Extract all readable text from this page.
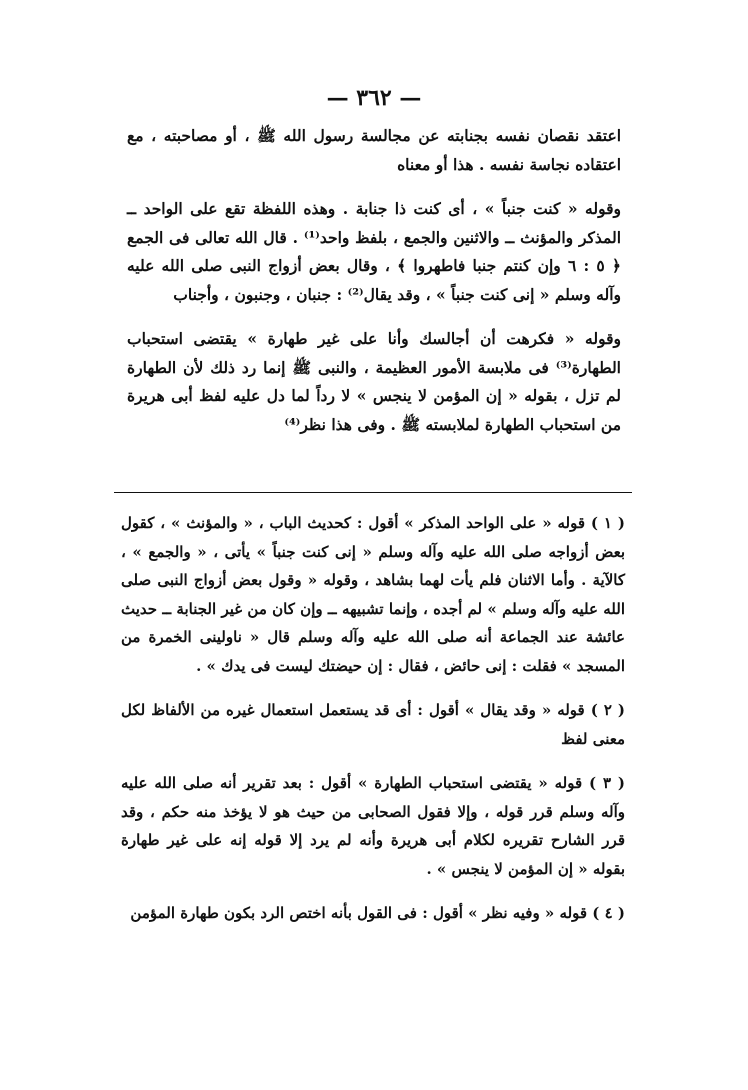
— ٣٦٢ —

اعتقد نقصان نفسه بجنابته عن مجالسة رسول الله ﷺ ، أو مصاحبته ، مع اعتقاده نجاسة نفسه . هذا أو معناه

وقوله « كنت جنباً » ، أى كنت ذا جنابة . وهذه اللفظة تقع على الواحد ــ المذكر والمؤنث ــ والاثنين والجمع ، بلفظ واحد⁽¹⁾ . قال الله تعالى فى الجمع ﴿ ٥ : ٦ وإن كنتم جنبا فاطهروا ﴾ ، وقال بعض أزواج النبى صلى الله عليه وآله وسلم « إنى كنت جنباً » ، وقد يقال⁽²⁾ : جنبان ، وجنبون ، وأجناب

وقوله « فكرهت أن أجالسك وأنا على غير طهارة » يقتضى استحباب الطهارة⁽³⁾ فى ملابسة الأمور العظيمة ، والنبى ﷺ إنما رد ذلك لأن الطهارة لم تزل ، بقوله « إن المؤمن لا ينجس » لا رداً لما دل عليه لفظ أبى هريرة من استحباب الطهارة لملابسته ﷺ . وفى هذا نظر⁽⁴⁾

( ١ ) قوله « على الواحد المذكر » أقول : كحديث الباب ، « والمؤنث » ، كقول بعض أزواجه صلى الله عليه وآله وسلم « إنى كنت جنباً » يأتى ، « والجمع » ، كالآية . وأما الاثنان فلم يأت لهما بشاهد ، وقوله « وقول بعض أزواج النبى صلى الله عليه وآله وسلم » لم أجده ، وإنما تشبيهه ــ وإن كان من غير الجنابة ــ حديث عائشة عند الجماعة أنه صلى الله عليه وآله وسلم قال « ناولينى الخمرة من المسجد » فقلت : إنى حائض ، فقال : إن حيضتك ليست فى يدك » .

( ٢ ) قوله « وقد يقال » أقول : أى قد يستعمل استعمال غيره من الألفاظ لكل معنى لفظ

( ٣ ) قوله « يقتضى استحباب الطهارة » أقول : بعد تقرير أنه صلى الله عليه وآله وسلم قرر قوله ، وإلا فقول الصحابى من حيث هو لا يؤخذ منه حكم ، وقد قرر الشارح تقريره لكلام أبى هريرة وأنه لم يرد إلا قوله إنه على غير طهارة بقوله « إن المؤمن لا ينجس » .

( ٤ ) قوله « وفيه نظر » أقول : فى القول بأنه اختص الرد بكون طهارة المؤمن
